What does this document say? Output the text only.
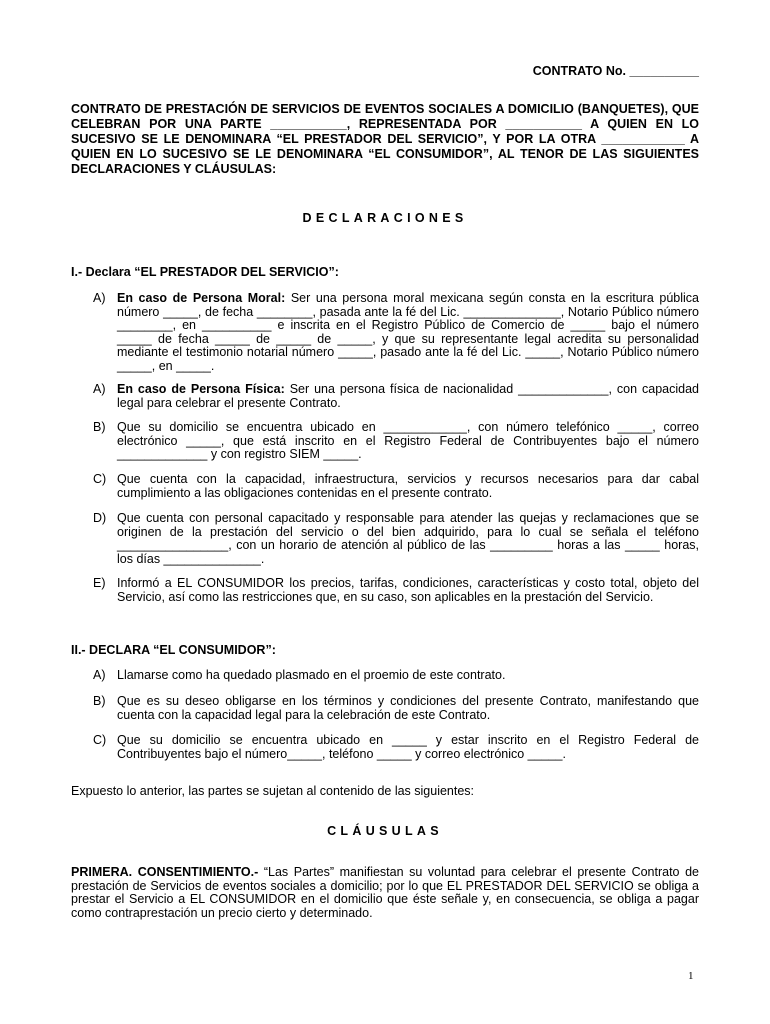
CONTRATO No. __________
CONTRATO DE PRESTACIÓN DE SERVICIOS DE EVENTOS SOCIALES A DOMICILIO (BANQUETES), QUE CELEBRAN POR UNA PARTE ___________, REPRESENTADA POR ___________ A QUIEN EN LO SUCESIVO SE LE DENOMINARA “EL PRESTADOR DEL SERVICIO”, Y POR LA OTRA ____________ A QUIEN EN LO SUCESIVO SE LE DENOMINARA “EL CONSUMIDOR”, AL TENOR DE LAS SIGUIENTES DECLARACIONES Y CLÁUSULAS:
DECLARACIONES
I.- Declara “EL PRESTADOR DEL SERVICIO”:
A) En caso de Persona Moral: Ser una persona moral mexicana según consta en la escritura pública número _____, de fecha ________, pasada ante la fé del Lic. ______________, Notario Público número ________, en __________ e inscrita en el Registro Público de Comercio de _____ bajo el número _____ de fecha _____ de _____ de _____, y que su representante legal acredita su personalidad mediante el testimonio notarial número _____, pasado ante la fé del Lic. _____, Notario Público número _____, en _____.
A) En caso de Persona Física: Ser una persona física de nacionalidad _____________, con capacidad legal para celebrar el presente Contrato.
B) Que su domicilio se encuentra ubicado en ____________, con número telefónico _____, correo electrónico _____, que está inscrito en el Registro Federal de Contribuyentes bajo el número _____________ y con registro SIEM _____.
C) Que cuenta con la capacidad, infraestructura, servicios y recursos necesarios para dar cabal cumplimiento a las obligaciones contenidas en el presente contrato.
D) Que cuenta con personal capacitado y responsable para atender las quejas y reclamaciones que se originen de la prestación del servicio o del bien adquirido, para lo cual se señala el teléfono ________________, con un horario de atención al público de las _________ horas a las _____ horas, los días ______________.
E) Informó a EL CONSUMIDOR los precios, tarifas, condiciones, características y costo total, objeto del Servicio, así como las restricciones que, en su caso, son aplicables en la prestación del Servicio.
II.- DECLARA “EL CONSUMIDOR”:
A) Llamarse como ha quedado plasmado en el proemio de este contrato.
B) Que es su deseo obligarse en los términos y condiciones del presente Contrato, manifestando que cuenta con la capacidad legal para la celebración de este Contrato.
C) Que su domicilio se encuentra ubicado en _____ y estar inscrito en el Registro Federal de Contribuyentes bajo el número_____, teléfono _____ y correo electrónico _____.
Expuesto lo anterior, las partes se sujetan al contenido de las siguientes:
CLÁUSULAS
PRIMERA. CONSENTIMIENTO.- “Las Partes” manifiestan su voluntad para celebrar el presente Contrato de prestación de Servicios de eventos sociales a domicilio; por lo que EL PRESTADOR DEL SERVICIO se obliga a prestar el Servicio a EL CONSUMIDOR en el domicilio que éste señale y, en consecuencia, se obliga a pagar como contraprestación un precio cierto y determinado.
1
